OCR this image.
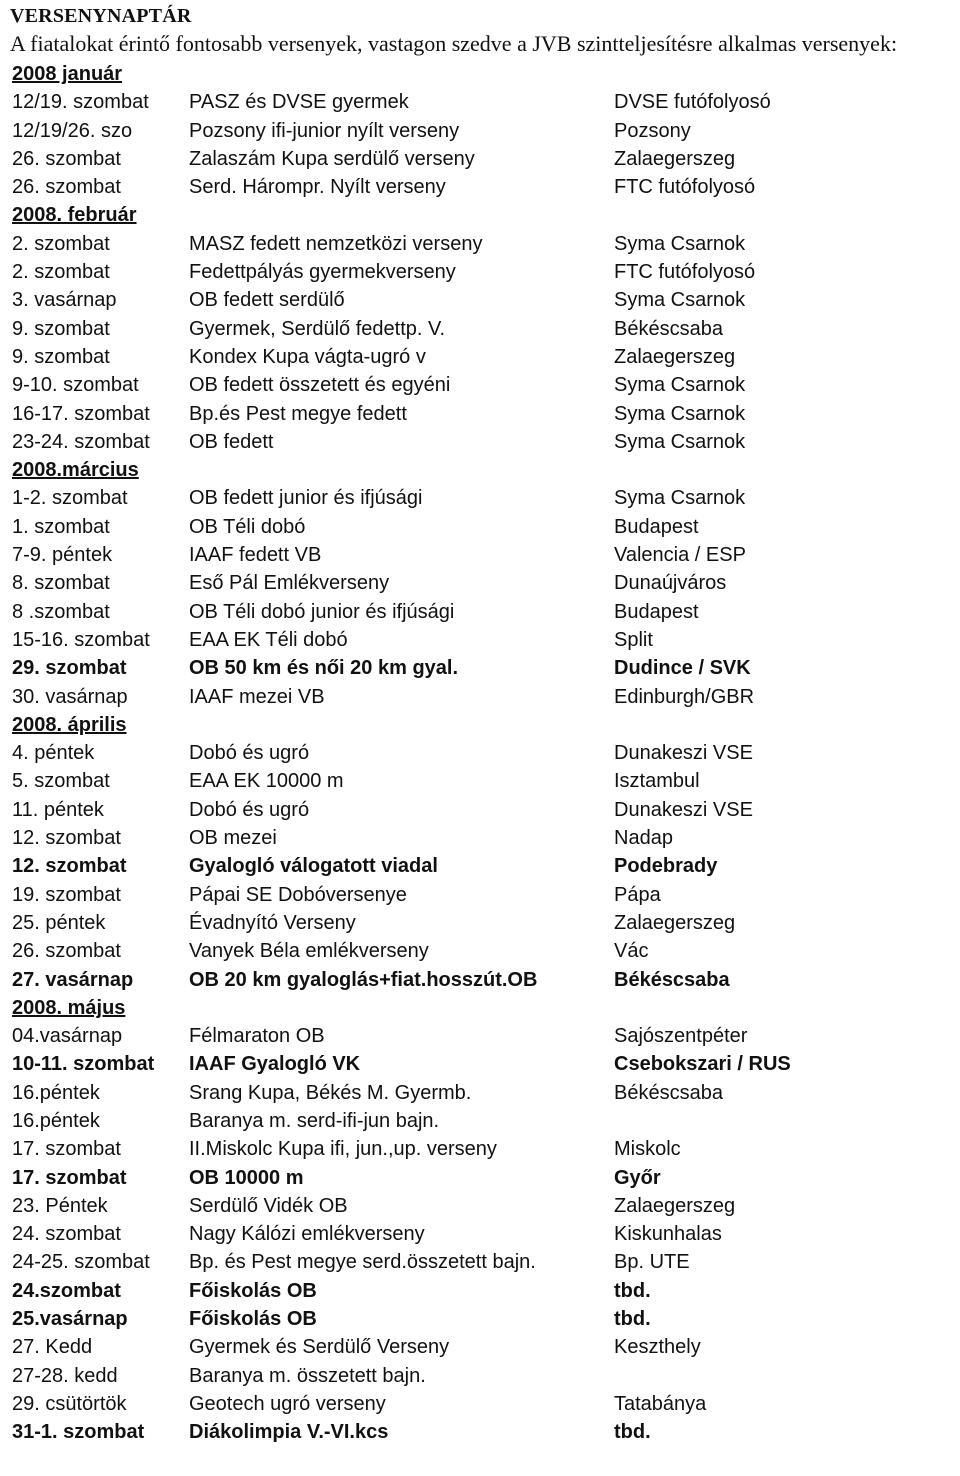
VERSENYNAPTÁR
A fiatalokat érintő fontosabb versenyek, vastagon szedve a JVB szintteljesítésre alkalmas versenyek:
2008 január
12/19. szombat	PASZ és DVSE gyermek	DVSE futófolyosó
12/19/26. szo	Pozsony ifi-junior nyílt verseny	Pozsony
26. szombat	Zalaszám Kupa serdülő verseny	Zalaegerszeg
26. szombat	Serd. Hárompr. Nyílt verseny	FTC futófolyosó
2008. február
2. szombat	MASZ fedett nemzetközi verseny	Syma Csarnok
2. szombat	Fedettpályás gyermekverseny	FTC futófolyosó
3. vasárnap	OB fedett serdülő	Syma Csarnok
9. szombat	Gyermek, Serdülő fedettp. V.	Békéscsaba
9. szombat	Kondex Kupa vágta-ugró v	Zalaegerszeg
9-10. szombat	OB fedett összetett és egyéni	Syma Csarnok
16-17. szombat	Bp.és Pest megye fedett	Syma Csarnok
23-24. szombat	OB fedett	Syma Csarnok
2008.március
1-2. szombat	OB fedett junior és ifjúsági	Syma Csarnok
1. szombat	OB Téli dobó	Budapest
7-9. péntek	IAAF fedett VB	Valencia / ESP
8. szombat	Eső Pál Emlékverseny	Dunaújváros
8 .szombat	OB Téli dobó junior és ifjúsági	Budapest
15-16. szombat	EAA EK Téli dobó	Split
29. szombat	OB 50 km és női 20 km gyal.	Dudince / SVK
30. vasárnap	IAAF mezei VB	Edinburgh/GBR
2008. április
4. péntek	Dobó és ugró	Dunakeszi VSE
5. szombat	EAA EK 10000 m	Isztambul
11. péntek	Dobó és ugró	Dunakeszi VSE
12. szombat	OB mezei	Nadap
12. szombat	Gyalogló válogatott viadal	Podebrady
19. szombat	Pápai SE Dobóversenye	Pápa
25. péntek	Évadnyító Verseny	Zalaegerszeg
26. szombat	Vanyek Béla emlékverseny	Vác
27. vasárnap	OB 20 km gyaloglás+fiat.hosszút.OB	Békéscsaba
2008. május
04.vasárnap	Félmaraton OB	Sajószentpéter
10-11. szombat	IAAF Gyalogló VK	Csebokszari / RUS
16.péntek	Srang Kupa, Békés M. Gyermb.	Békéscsaba
16.péntek	Baranya m. serd-ifi-jun bajn.
17. szombat	II.Miskolc Kupa ifi, jun.,up. verseny	Miskolc
17. szombat	OB 10000 m	Győr
23. Péntek	Serdülő Vidék OB	Zalaegerszeg
24. szombat	Nagy Kálózi emlékverseny	Kiskunhalas
24-25. szombat	Bp. és Pest megye serd.összetett bajn.	Bp. UTE
24.szombat	Főiskolás OB	tbd.
25.vasárnap	Főiskolás OB	tbd.
27. Kedd	Gyermek és Serdülő Verseny	Keszthely
27-28. kedd	Baranya m. összetett bajn.
29. csütörtök	Geotech ugró verseny	Tatabánya
31-1. szombat	Diákolimpia V.-VI.kcs	tbd.
